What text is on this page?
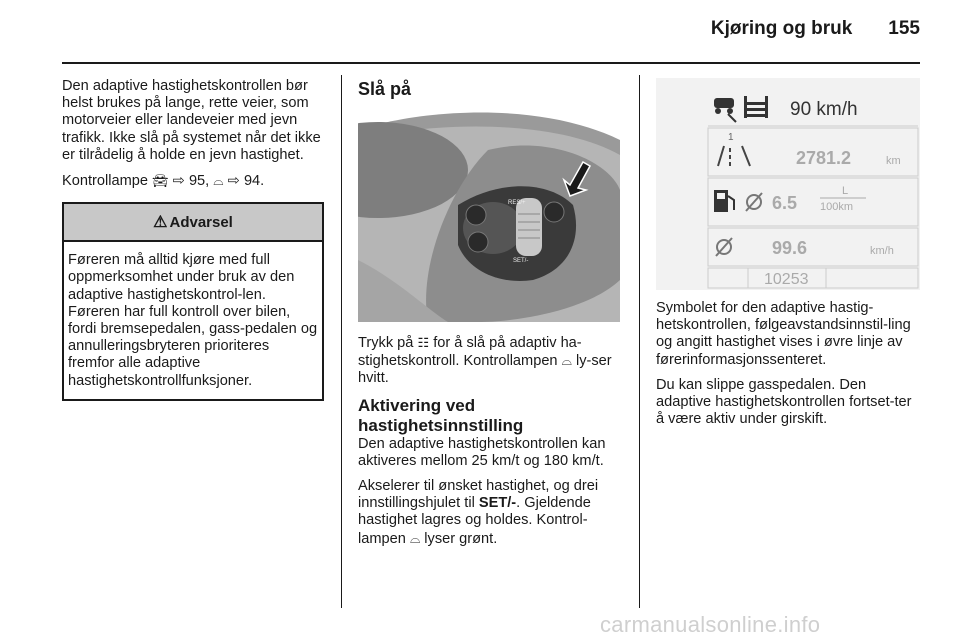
Kjøring og bruk 155

Den adaptive hastighetskontrollen bør helst brukes på lange, rette veier, som motorveier eller landeveier med jevn trafikk. Ikke slå på systemet når det ikke er tilrådelig å holde en jevn hastighet.

Kontrollampe 🚘︎ ⇨ 95, ⌓ ⇨ 94.

⚠ Advarsel
Føreren må alltid kjøre med full oppmerksomhet under bruk av den adaptive hastighetskontrol-len. Føreren har full kontroll over bilen, fordi bremsepedalen, gass-pedalen og annulleringsbryteren prioriteres fremfor alle adaptive hastighetskontrollfunksjoner.
Slå på
RES/+
SET/-

Trykk på ☷ for å slå på adaptiv ha-stighetskontroll. Kontrollampen ⌓ ly-ser hvitt.

Aktivering ved hastighetsinnstilling

Den adaptive hastighetskontrollen kan aktiveres mellom 25 km/t og 180 km/t.

Akselerer til ønsket hastighet, og drei innstillingshjulet til SET/-. Gjeldende hastighet lagres og holdes. Kontrol-lampen ⌓ lyser grønt.

90 km/h
1
2781.2	km
6.5
L
100km
99.6	km/h
10253

Symbolet for den adaptive hastig-hetskontrollen, følgeavstandsinnstil-ling og angitt hastighet vises i øvre linje av førerinformasjonssenteret.

Du kan slippe gasspedalen. Den adaptive hastighetskontrollen fortset-ter å være aktiv under girskift.

carmanualsonline.info
